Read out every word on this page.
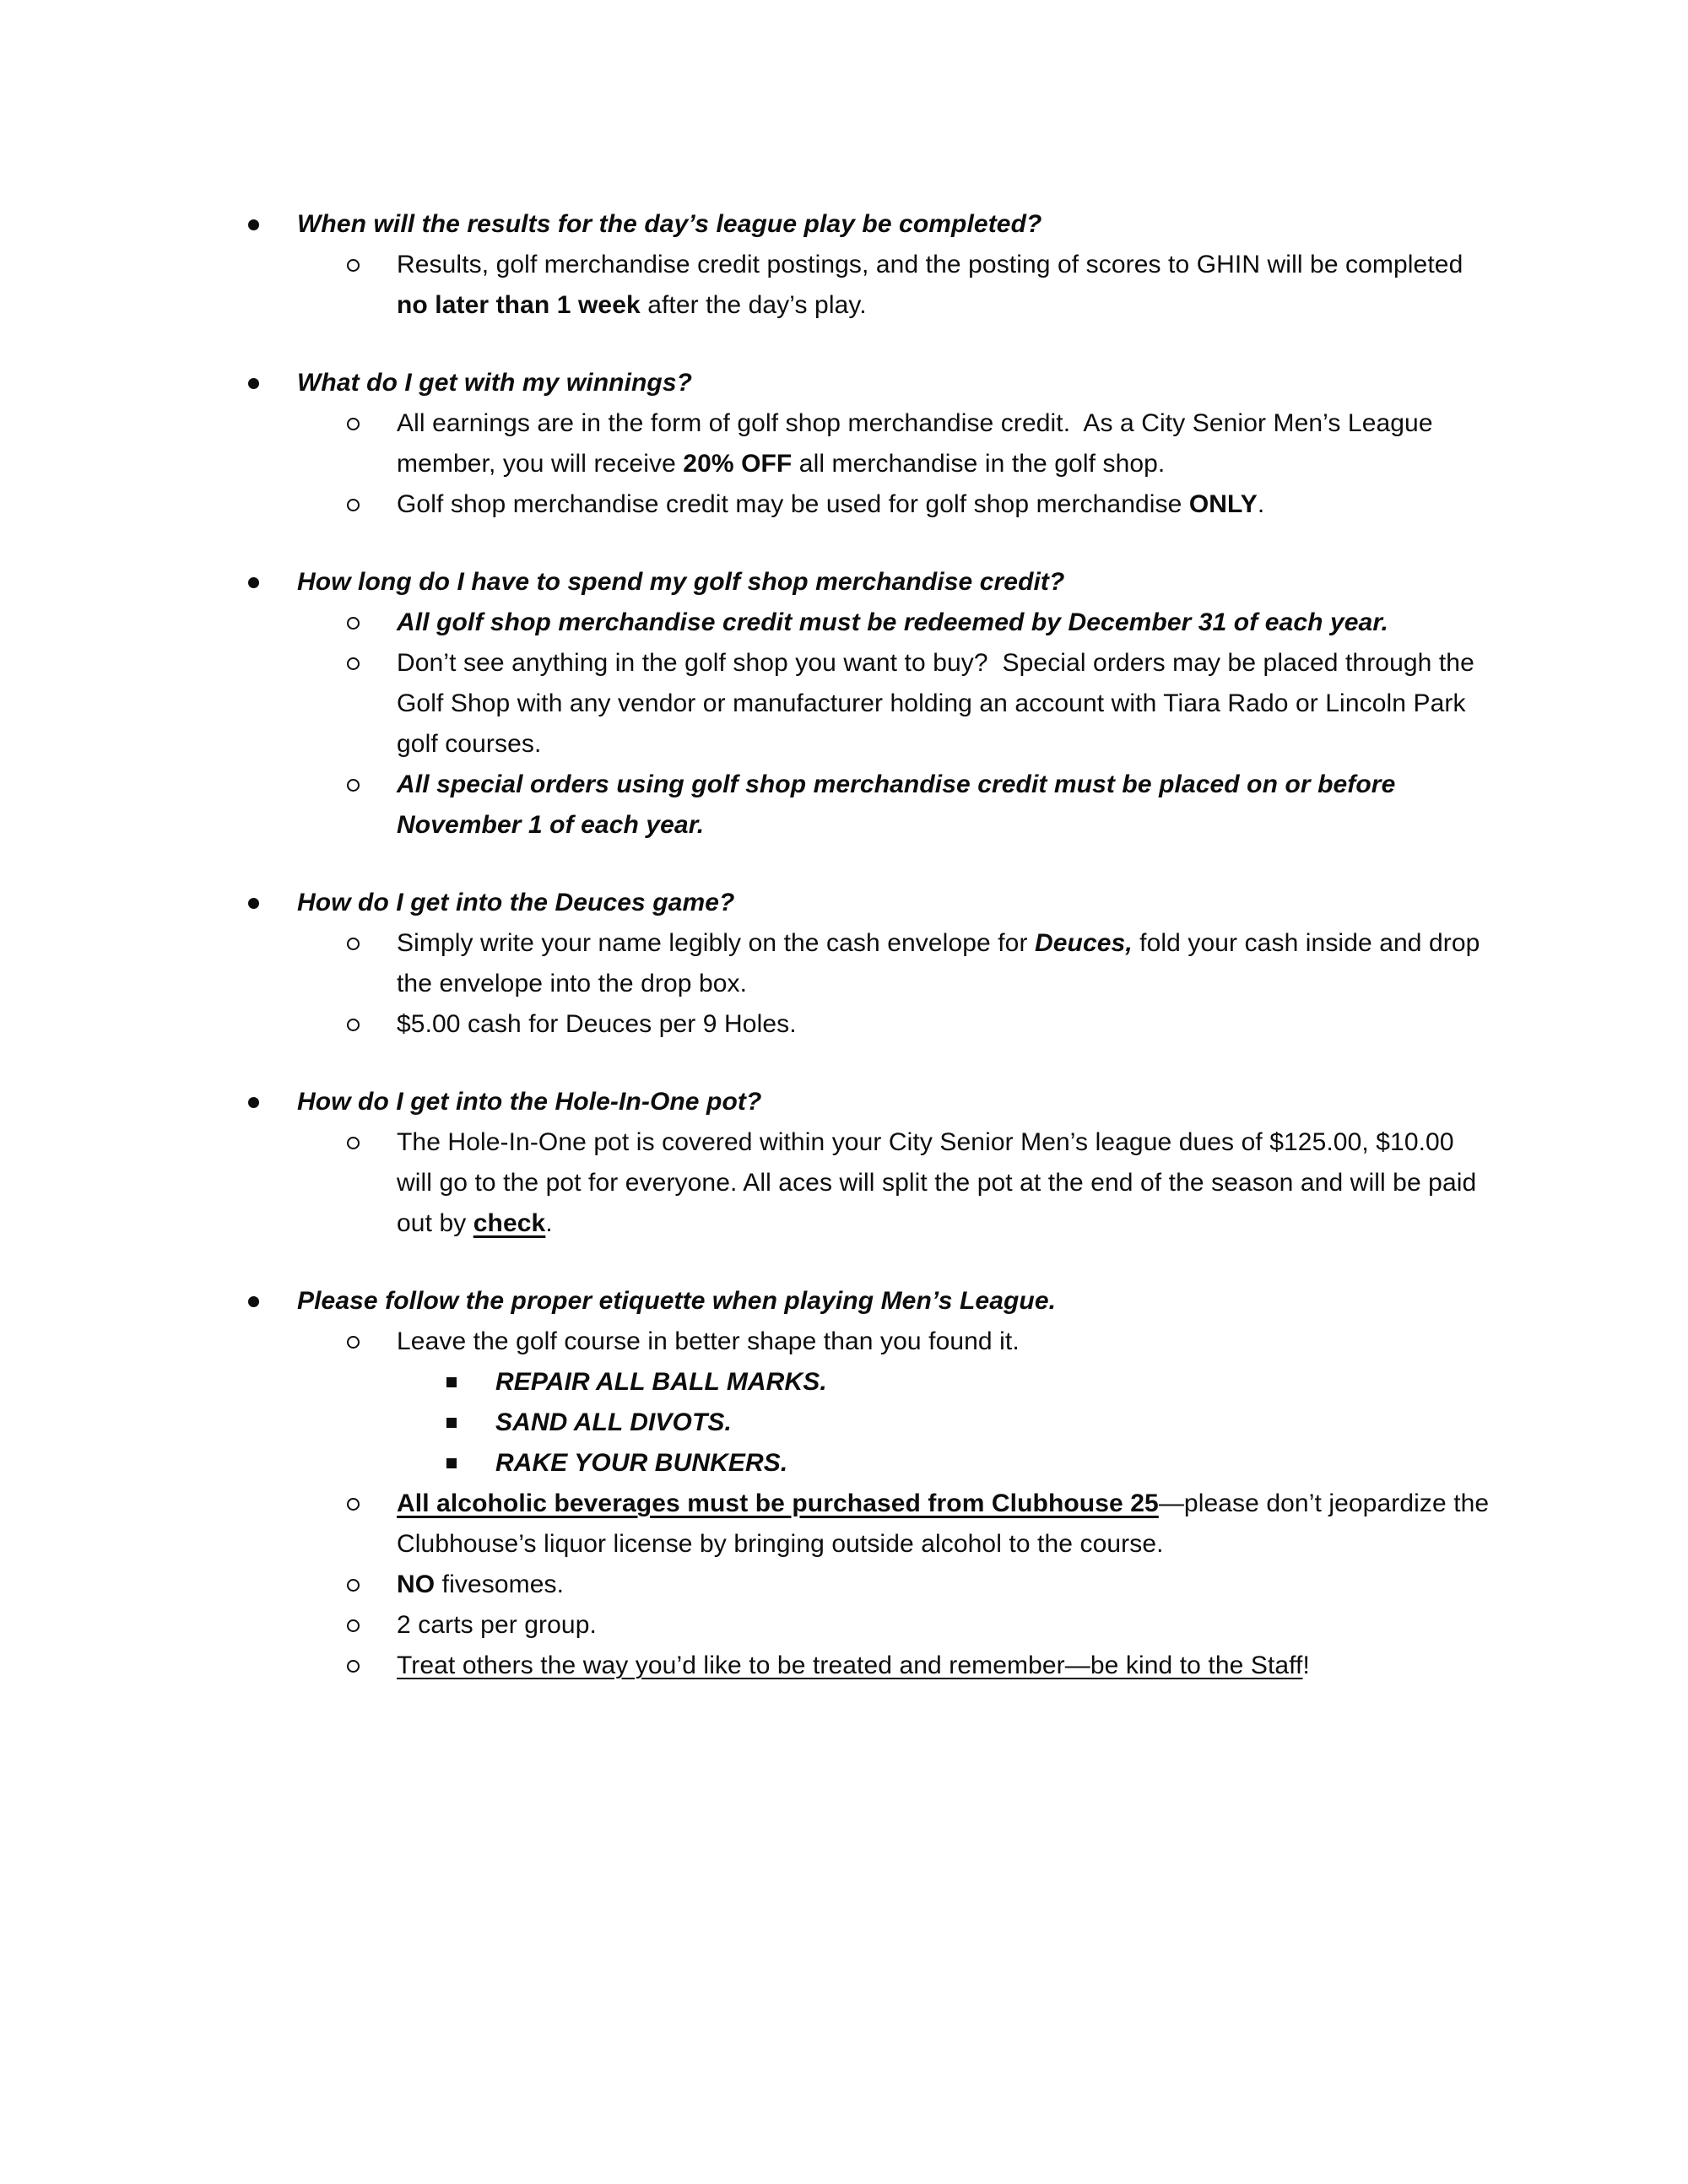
When will the results for the day’s league play be completed?
Results, golf merchandise credit postings, and the posting of scores to GHIN will be completed no later than 1 week after the day’s play.
What do I get with my winnings?
All earnings are in the form of golf shop merchandise credit.  As a City Senior Men’s League member, you will receive 20% OFF all merchandise in the golf shop.
Golf shop merchandise credit may be used for golf shop merchandise ONLY.
How long do I have to spend my golf shop merchandise credit?
All golf shop merchandise credit must be redeemed by December 31 of each year.
Don’t see anything in the golf shop you want to buy?  Special orders may be placed through the Golf Shop with any vendor or manufacturer holding an account with Tiara Rado or Lincoln Park golf courses.
All special orders using golf shop merchandise credit must be placed on or before November 1 of each year.
How do I get into the Deuces game?
Simply write your name legibly on the cash envelope for Deuces, fold your cash inside and drop the envelope into the drop box.
$5.00 cash for Deuces per 9 Holes.
How do I get into the Hole-In-One pot?
The Hole-In-One pot is covered within your City Senior Men’s league dues of $125.00, $10.00 will go to the pot for everyone. All aces will split the pot at the end of the season and will be paid out by check.
Please follow the proper etiquette when playing Men’s League.
Leave the golf course in better shape than you found it.
REPAIR ALL BALL MARKS.
SAND ALL DIVOTS.
RAKE YOUR BUNKERS.
All alcoholic beverages must be purchased from Clubhouse 25—please don’t jeopardize the Clubhouse’s liquor license by bringing outside alcohol to the course.
NO fivesomes.
2 carts per group.
Treat others the way you’d like to be treated and remember—be kind to the Staff!
